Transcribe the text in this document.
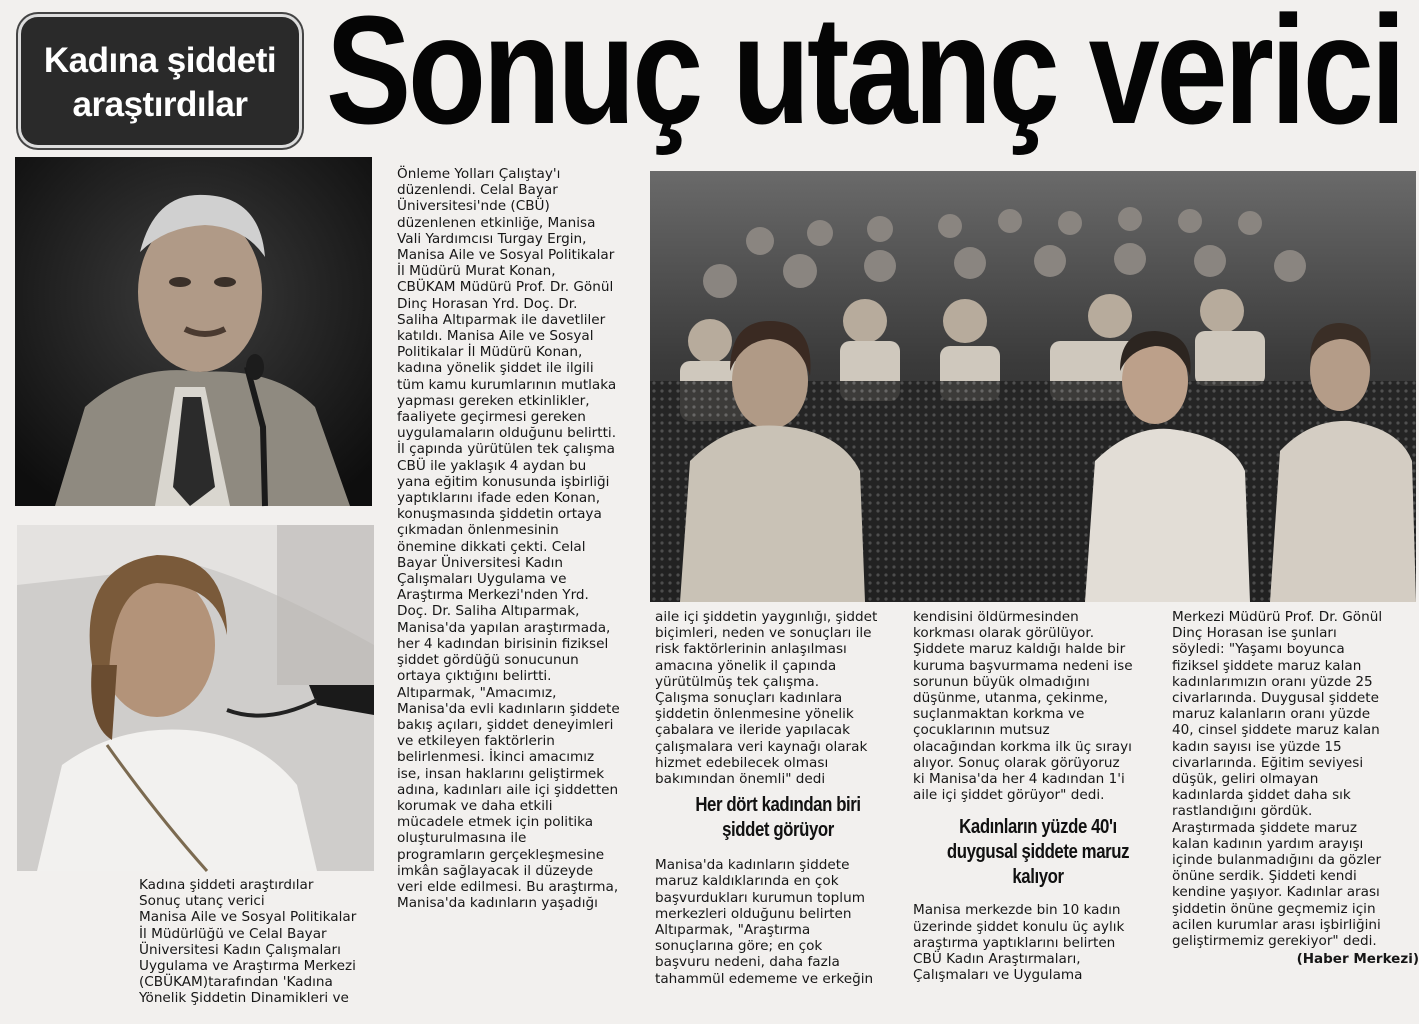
Kadına şiddeti
araştırdılar Sonuç utanç verici

Kadına şiddeti araştırdılar
Sonuç utanç verici
Manisa Aile ve Sosyal Politikalar
İl Müdürlüğü ve Celal Bayar
Üniversitesi Kadın Çalışmaları
Uygulama ve Araştırma Merkezi
(CBÜKAM)tarafından 'Kadına
Yönelik Şiddetin Dinamikleri ve

Önleme Yolları Çalıştay'ı
düzenlendi. Celal Bayar
Üniversitesi'nde (CBÜ)
düzenlenen etkinliğe, Manisa
Vali Yardımcısı Turgay Ergin,
Manisa Aile ve Sosyal Politikalar
İl Müdürü Murat Konan,
CBÜKAM Müdürü Prof. Dr. Gönül
Dinç Horasan Yrd. Doç. Dr.
Saliha Altıparmak ile davetliler
katıldı. Manisa Aile ve Sosyal
Politikalar İl Müdürü Konan,
kadına yönelik şiddet ile ilgili
tüm kamu kurumlarının mutlaka
yapması gereken etkinlikler,
faaliyete geçirmesi gereken
uygulamaların olduğunu belirtti.
İl çapında yürütülen tek çalışma
CBÜ ile yaklaşık 4 aydan bu
yana eğitim konusunda işbirliği
yaptıklarını ifade eden Konan,
konuşmasında şiddetin ortaya
çıkmadan önlenmesinin
önemine dikkati çekti. Celal
Bayar Üniversitesi Kadın
Çalışmaları Uygulama ve
Araştırma Merkezi'nden Yrd.
Doç. Dr. Saliha Altıparmak,
Manisa'da yapılan araştırmada,
her 4 kadından birisinin fiziksel
şiddet gördüğü sonucunun
ortaya çıktığını belirtti.
Altıparmak, "Amacımız,
Manisa'da evli kadınların şiddete
bakış açıları, şiddet deneyimleri
ve etkileyen faktörlerin
belirlenmesi. İkinci amacımız
ise, insan haklarını geliştirmek
adına, kadınları aile içi şiddetten
korumak ve daha etkili
mücadele etmek için politika
oluşturulmasına ile
programların gerçekleşmesine
imkân sağlayacak il düzeyde
veri elde edilmesi. Bu araştırma,
Manisa'da kadınların yaşadığı

aile içi şiddetin yaygınlığı, şiddet
biçimleri, neden ve sonuçları ile
risk faktörlerinin anlaşılması
amacına yönelik il çapında
yürütülmüş tek çalışma.
Çalışma sonuçları kadınlara
şiddetin önlenmesine yönelik
çabalara ve ileride yapılacak
çalışmalara veri kaynağı olarak
hizmet edebilecek olması
bakımından önemli" dedi

Her dört kadından biri
şiddet görüyor

Manisa'da kadınların şiddete
maruz kaldıklarında en çok
başvurdukları kurumun toplum
merkezleri olduğunu belirten
Altıparmak, "Araştırma
sonuçlarına göre; en çok
başvuru nedeni, daha fazla
tahammül edememe ve erkeğin

kendisini öldürmesinden
korkması olarak görülüyor.
Şiddete maruz kaldığı halde bir
kuruma başvurmama nedeni ise
sorunun büyük olmadığını
düşünme, utanma, çekinme,
suçlanmaktan korkma ve
çocuklarının mutsuz
olacağından korkma ilk üç sırayı
alıyor. Sonuç olarak görüyoruz
ki Manisa'da her 4 kadından 1'i
aile içi şiddet görüyor" dedi.

Kadınların yüzde 40'ı
duygusal şiddete maruz
kalıyor

Manisa merkezde bin 10 kadın
üzerinde şiddet konulu üç aylık
araştırma yaptıklarını belirten
CBÜ Kadın Araştırmaları,
Çalışmaları ve Uygulama

Merkezi Müdürü Prof. Dr. Gönül
Dinç Horasan ise şunları
söyledi: "Yaşamı boyunca
fiziksel şiddete maruz kalan
kadınlarımızın oranı yüzde 25
civarlarında. Duygusal şiddete
maruz kalanların oranı yüzde
40, cinsel şiddete maruz kalan
kadın sayısı ise yüzde 15
civarlarında. Eğitim seviyesi
düşük, geliri olmayan
kadınlarda şiddet daha sık
rastlandığını gördük.
Araştırmada şiddete maruz
kalan kadının yardım arayışı
içinde bulanmadığını da gözler
önüne serdik. Şiddeti kendi
kendine yaşıyor. Kadınlar arası
şiddetin önüne geçmemiz için
acilen kurumlar arası işbirliğini
geliştirmemiz gerekiyor" dedi.

(Haber Merkezi)
